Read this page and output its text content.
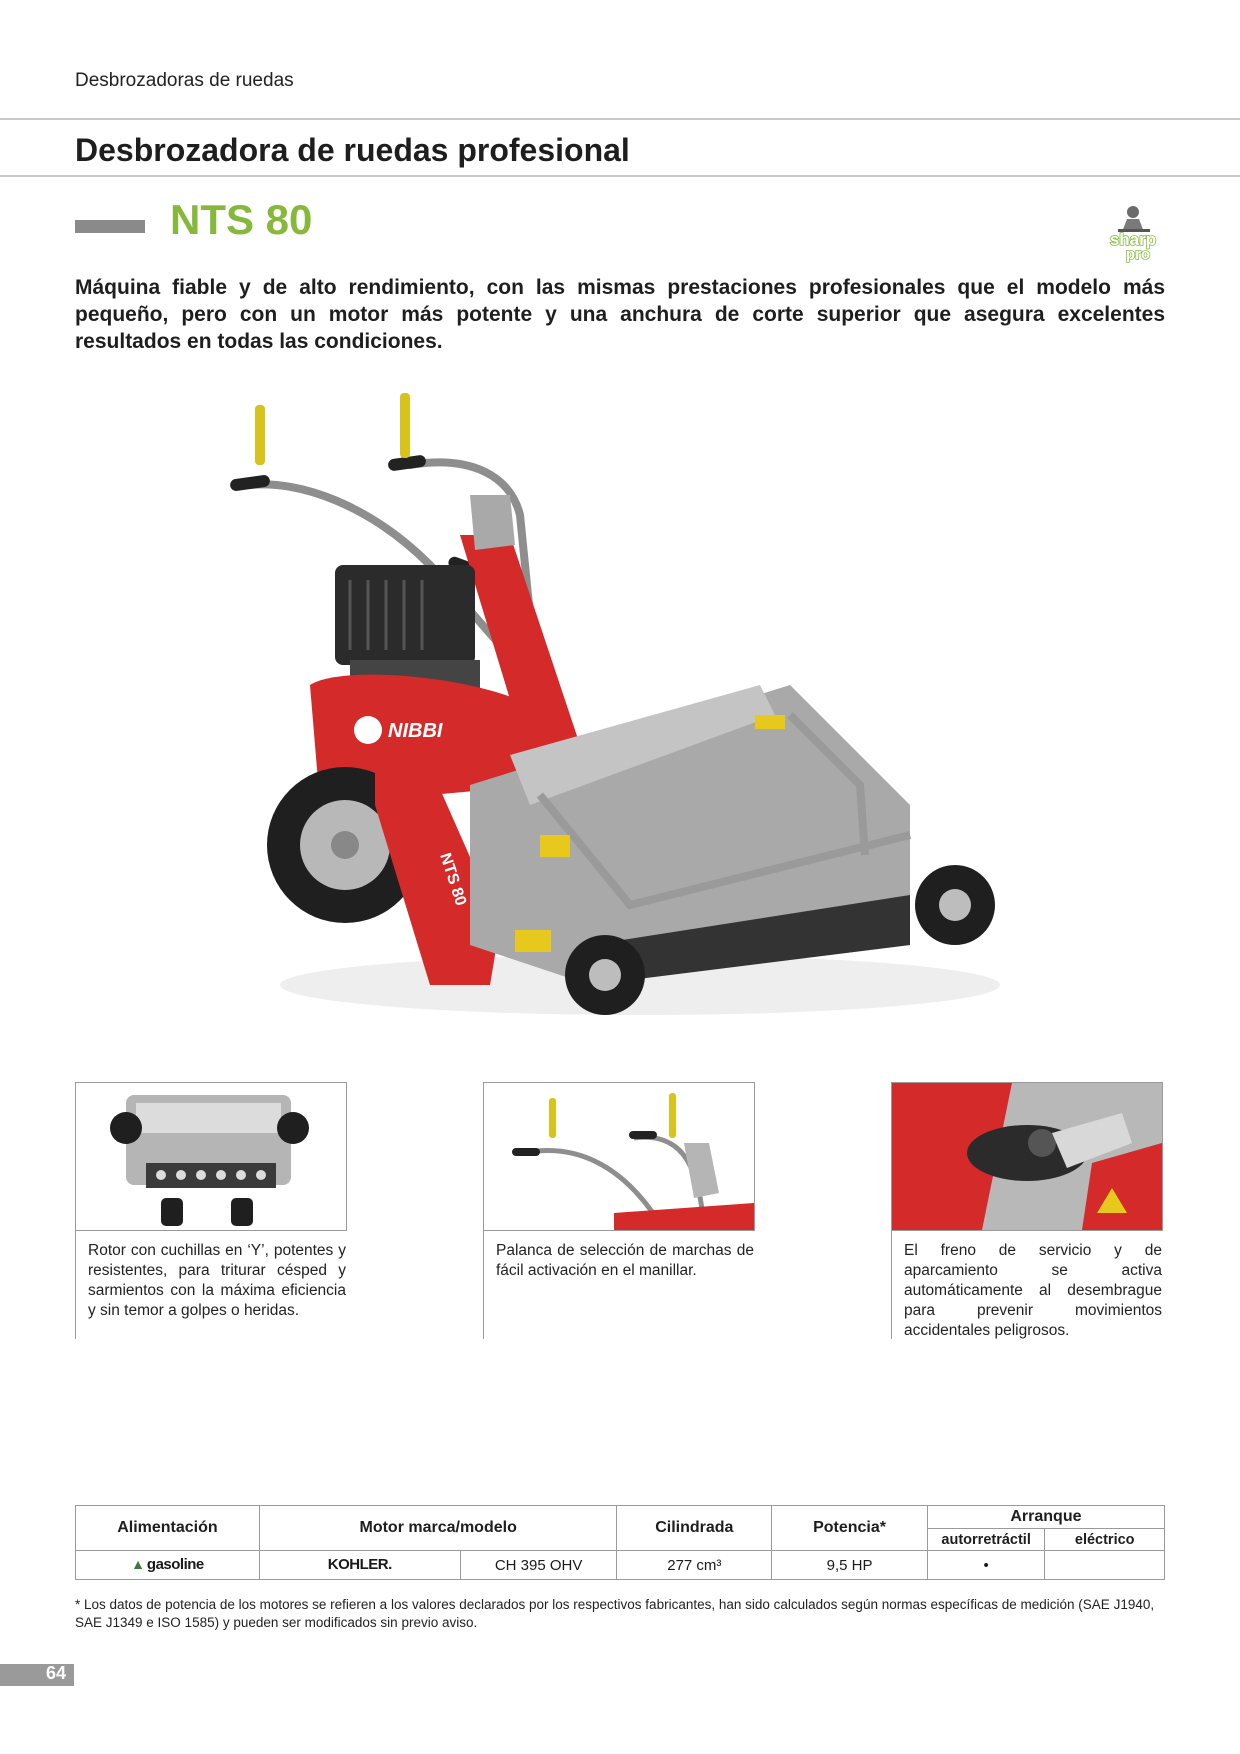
Desbrozadoras de ruedas
Desbrozadora de ruedas profesional
NTS 80	sharp
pro
Máquina fiable y de alto rendimiento, con las mismas prestaciones profesionales que el modelo más pequeño, pero con un motor más potente y una anchura de corte superior que asegura excelentes resultados en todas las condiciones.
NIBBI
NTS 80
Rotor con cuchillas en ‘Y’, potentes y resistentes, para triturar césped y sarmientos con la máxima eficiencia y sin temor a golpes o heridas.
Palanca de selección de marchas de fácil activación en el manillar.
El freno de servicio y de aparcamiento se activa automáticamente al desembrague para prevenir movimientos accidentales peligrosos.
Alimentación	Motor marca/modelo		Cilindrada	Potencia*	Arranque	
					autorretráctil	eléctrico

▲ gasoline	KOHLER.	CH 395 OHV	277 cm³	9,5 HP	•	
* Los datos de potencia de los motores se refieren a los valores declarados por los respectivos fabricantes, han sido calculados según normas específicas de medición (SAE J1940, SAE J1349 e ISO 1585) y pueden ser modificados sin previo aviso.
64
